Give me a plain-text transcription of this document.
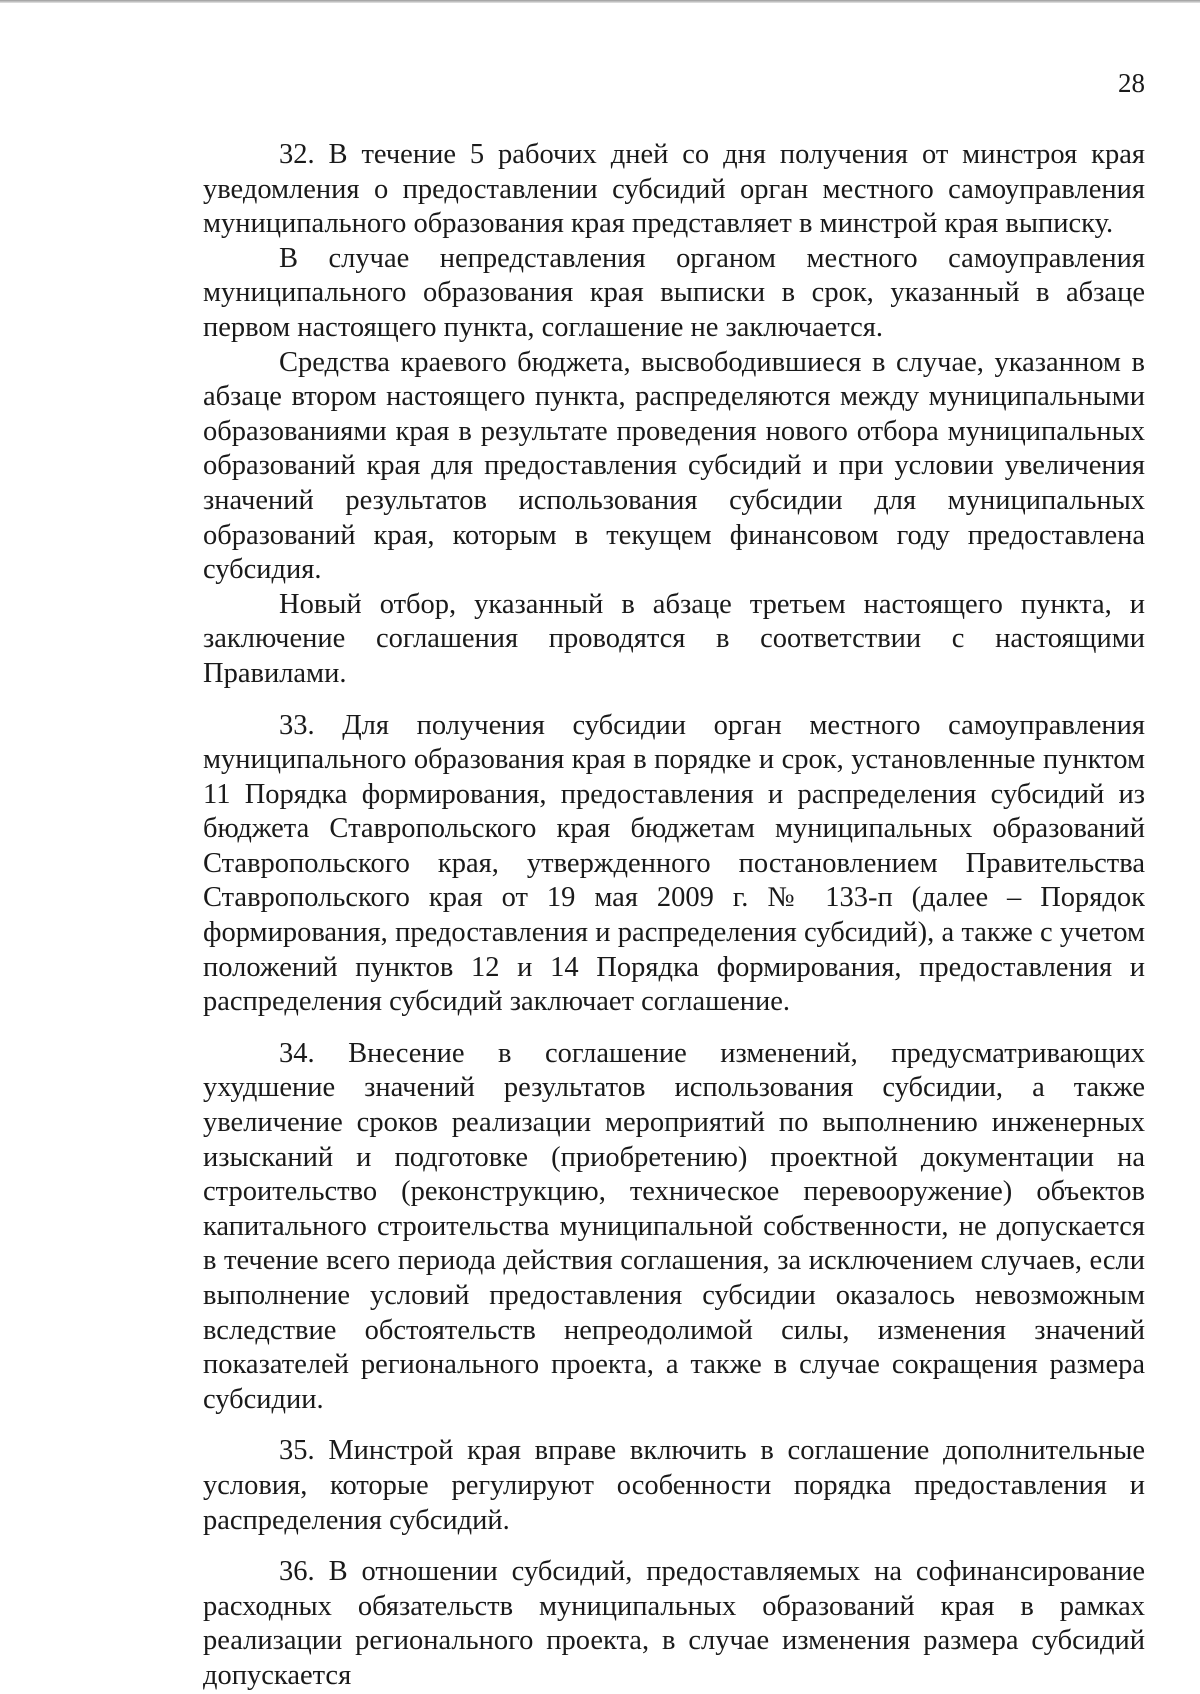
28

32. В течение 5 рабочих дней со дня получения от минстроя края уведомления о предоставлении субсидий орган местного самоуправления муниципального образования края представляет в минстрой края выписку.

В случае непредставления органом местного самоуправления муниципального образования края выписки в срок, указанный в абзаце первом настоящего пункта, соглашение не заключается.

Средства краевого бюджета, высвободившиеся в случае, указанном в абзаце втором настоящего пункта, распределяются между муниципальными образованиями края в результате проведения нового отбора муниципальных образований края для предоставления субсидий и при условии увеличения значений результатов использования субсидии для муниципальных образований края, которым в текущем финансовом году предоставлена субсидия.

Новый отбор, указанный в абзаце третьем настоящего пункта, и заключение соглашения проводятся в соответствии с настоящими Правилами.

33. Для получения субсидии орган местного самоуправления муниципального образования края в порядке и срок, установленные пунктом 11 Порядка формирования, предоставления и распределения субсидий из бюджета Ставропольского края бюджетам муниципальных образований Ставропольского края, утвержденного постановлением Правительства Ставропольского края от 19 мая 2009 г. № 133-п (далее – Порядок формирования, предоставления и распределения субсидий), а также с учетом положений пунктов 12 и 14 Порядка формирования, предоставления и распределения субсидий заключает соглашение.

34. Внесение в соглашение изменений, предусматривающих ухудшение значений результатов использования субсидии, а также увеличение сроков реализации мероприятий по выполнению инженерных изысканий и подготовке (приобретению) проектной документации на строительство (реконструкцию, техническое перевооружение) объектов капитального строительства муниципальной собственности, не допускается в течение всего периода действия соглашения, за исключением случаев, если выполнение условий предоставления субсидии оказалось невозможным вследствие обстоятельств непреодолимой силы, изменения значений показателей регионального проекта, а также в случае сокращения размера субсидии.

35. Минстрой края вправе включить в соглашение дополнительные условия, которые регулируют особенности порядка предоставления и распределения субсидий.

36. В отношении субсидий, предоставляемых на софинансирование расходных обязательств муниципальных образований края в рамках реализации регионального проекта, в случае изменения размера субсидий допускается
